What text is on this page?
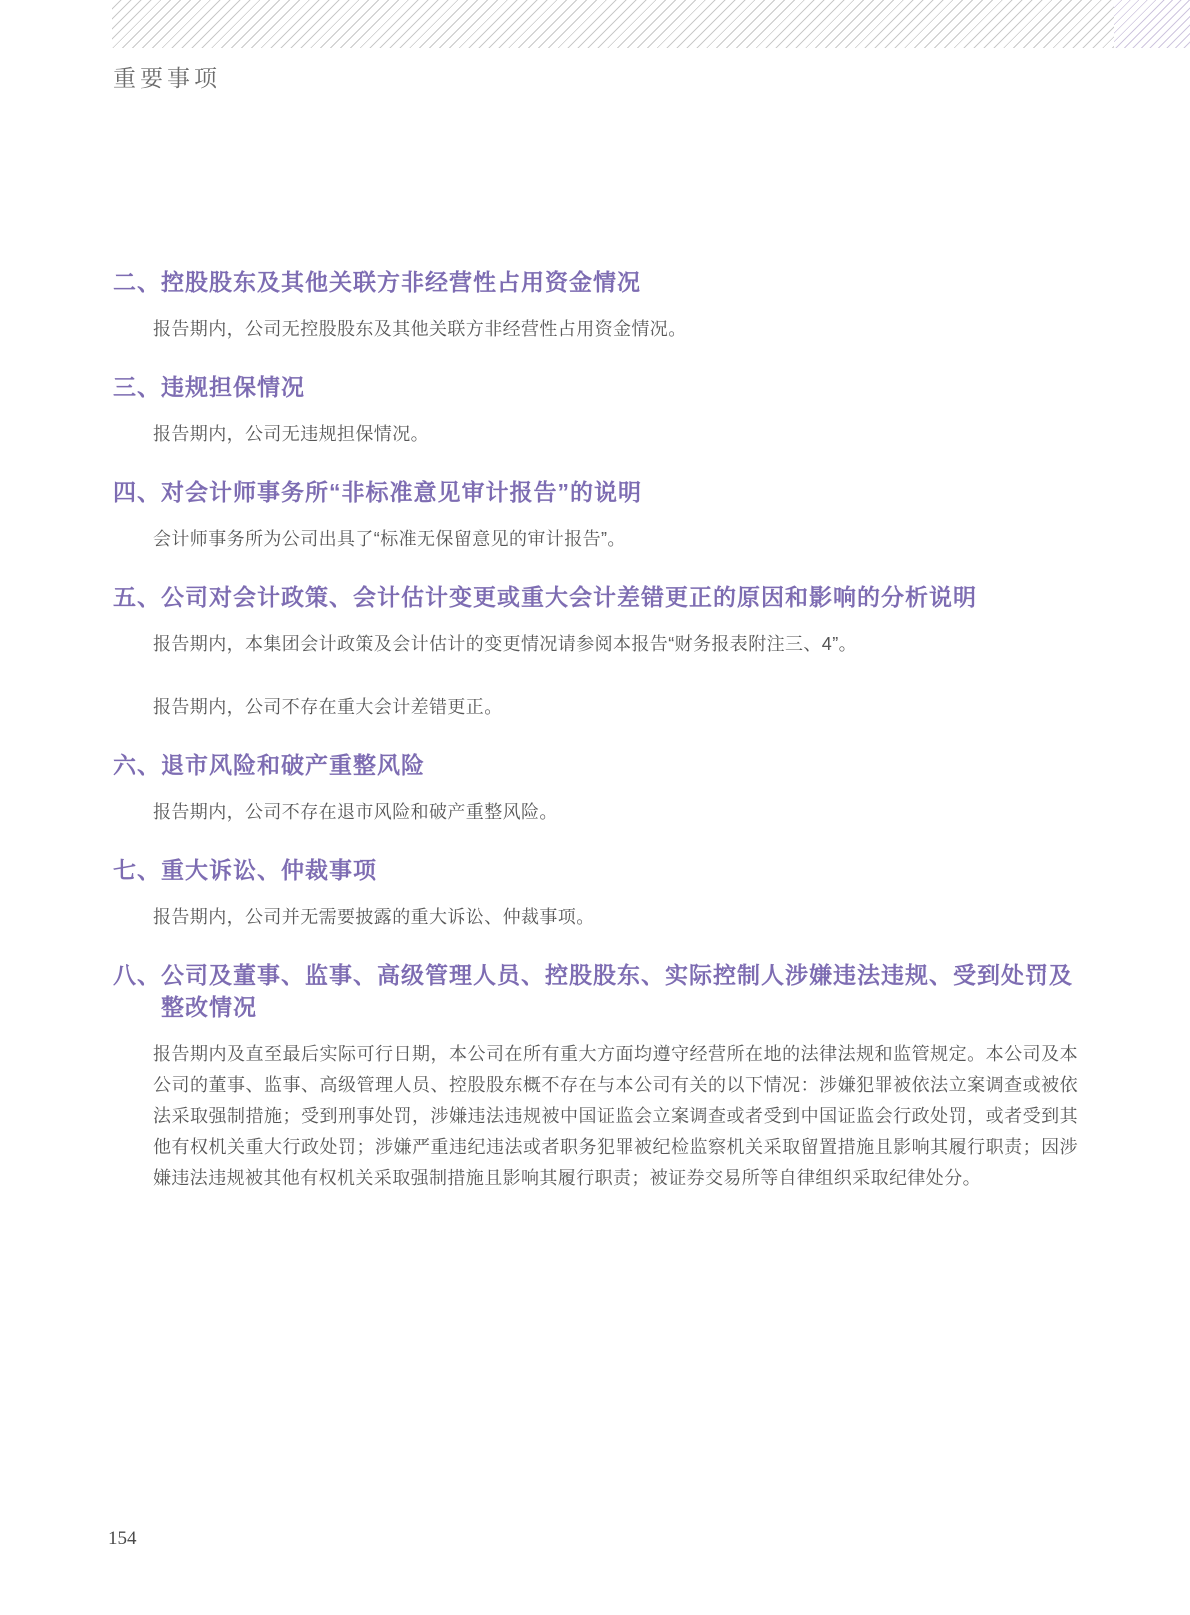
重要事项
二、 控股股东及其他关联方非经营性占用资金情况

报告期内，公司无控股股东及其他关联方非经营性占用资金情况。

三、 违规担保情况

报告期内，公司无违规担保情况。

四、 对会计师事务所“非标准意见审计报告”的说明

会计师事务所为公司出具了“标准无保留意见的审计报告”。

五、 公司对会计政策、会计估计变更或重大会计差错更正的原因和影响的分析说明

报告期内，本集团会计政策及会计估计的变更情况请参阅本报告“财务报表附注三、4”。

报告期内，公司不存在重大会计差错更正。

六、 退市风险和破产重整风险

报告期内，公司不存在退市风险和破产重整风险。

七、 重大诉讼、仲裁事项

报告期内，公司并无需要披露的重大诉讼、仲裁事项。

八、 公司及董事、监事、高级管理人员、控股股东、实际控制人涉嫌违法违规、受到处罚及整改情况

报告期内及直至最后实际可行日期，本公司在所有重大方面均遵守经营所在地的法律法规和监管规定。本公司及本公司的董事、监事、高级管理人员、控股股东概不存在与本公司有关的以下情况：涉嫌犯罪被依法立案调查或被依法采取强制措施；受到刑事处罚，涉嫌违法违规被中国证监会立案调查或者受到中国证监会行政处罚，或者受到其他有权机关重大行政处罚；涉嫌严重违纪违法或者职务犯罪被纪检监察机关采取留置措施且影响其履行职责；因涉嫌违法违规被其他有权机关采取强制措施且影响其履行职责；被证券交易所等自律组织采取纪律处分。

154
